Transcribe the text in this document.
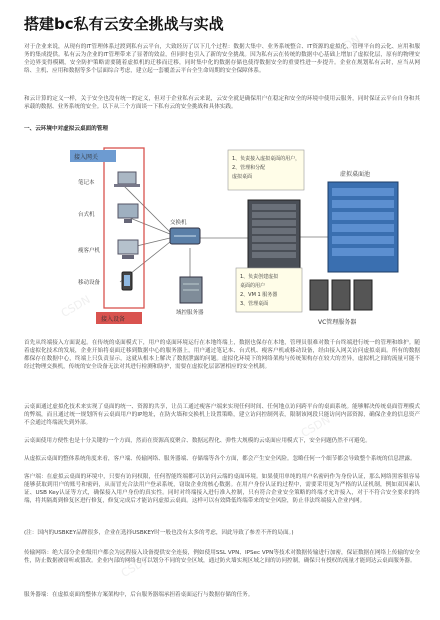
搭建bc私有云安全挑战与实战

对于企业来说，从现有的IT管理体系过渡到私有云平台，大致经历了以下几个过程：数据大集中、业务系统整合、IT资源的虚拟化、管理平台的云化、应用和服务的集成提供。私有云为企业的IT管理带来了显著的效益，但同时也引入了新的安全挑战。因为私有云在传统的数据中心基础上增加了虚拟化层，原有的物理安全边界变得模糊，安全防护策略需要随着虚拟机的迁移而迁移，同时集中化的数据存储也使得数据安全的重要性进一步提升。企业在规划私有云时，应当从网络、主机、应用和数据等多个层面综合考虑，建立起一套覆盖云平台全生命周期的安全保障体系。

和云计算的定义一样，关于安全也没有统一的定义，但对于企业私有云来说，云安全就是确保用户在稳定和安全的环境中使用云服务，同时保证云平台自身和其承载的数据、业务系统的安全。以下从三个方面谈一下私有云的安全挑战和具体实践。

一、云环境中对虚拟云桌面的管理

接入网关
笔记本
台式机
瘦客户机
移动设备
接入设备
交换机
域控服务器
1、负责接入虚拟桌面的用户，
2、管理和分配
虚拟桌面
1、负责创建虚拟
桌面的用户
2、VM 1 服务器
3、管理桌面
虚拟桌面池
VC管理服务器

首先从终端接入方面说起。在传统的桌面模式下，用户的桌面环境运行在本地终端上，数据也保存在本地，管理员很难对数千台终端进行统一的管理和维护。随着虚拟化技术的发展，企业开始将桌面迁移到数据中心的服务器上，用户通过笔记本、台式机、瘦客户机或移动设备，经由接入网关访问虚拟桌面。所有的数据都保存在数据中心，终端上只负责显示，这就从根本上解决了数据泄露的问题。虚拟化环境下的网络架构与传统架构存在较大的差异，虚拟机之间的流量可能不经过物理交换机，传统的安全设备无法对其进行检测和防护，需要在虚拟化层部署相应的安全机制。

云桌面通过虚拟化技术来实现了桌面的统一、资源的共享，让员工通过瘦客户端来实现任何时间、任何地点访问跨平台的桌面系统。能够解决传统桌面管理模式的弊端，而且通过统一规划所有云桌面用户的IP地址，在防火墙和交换机上设置策略，建立访问控制列表，限制该网段只能访问内部资源，确保企业的信息资产不会通过终端流失到外部。

云桌面使用方便性也是十分关键的一个方面，然而在资源高度聚合、数据远程化、弹性大规模的云桌面应用模式下，安全问题仍然不可避免。

从虚拟云桌面的整体系统角度来看，客户端、传输网络、服务器端、存储端等各个方面，都会产生安全风险。忽略任何一个细节都会导致整个系统的信息泄露。

客户端：在虚拟云桌面的环境中，只要有访问权限，任何智能终端都可以访问云端的桌面环境。如果使用单纯的用户名密码作为身份认证，那么网络黑客很容易能够获取到用户的账号和密码，从而冒充合法用户登录系统，窃取企业的核心数据。在用户身份认证的过程中，需要采用更为严格的认证机制，例如双因素认证、USB Key认证等方式，确保接入用户身份的真实性。同时对终端接入进行准入控制，只有符合企业安全策略的终端才允许接入，对于不符合安全要求的终端，将其隔离到修复区进行修复，修复完成后才能访问虚拟云桌面。这样可以有效降低终端带来的安全风险，防止非法终端接入企业内网。

(注：国内的USBKEY品牌很多，企业在选择USBKEY时一般也没有太多的考虑，因此导致了参差不齐的局面。)

传输网络：绝大部分企业级用户都会为远程接入设备提供安全连接，例如使用SSL VPN、IPSec VPN等技术对数据传输进行加密，保证数据在网络上传输的安全性，防止数据被窃听或篡改。企业内部的网络也可以划分不同的安全区域，通过防火墙实现区域之间的访问控制，确保只有授权的流量才能到达云桌面服务器。

服务器端：在虚拟桌面的整体方案架构中，后台服务器端承担着桌面运行与数据存储的任务。

CSDN
CSDN
CSDN
CSDN
